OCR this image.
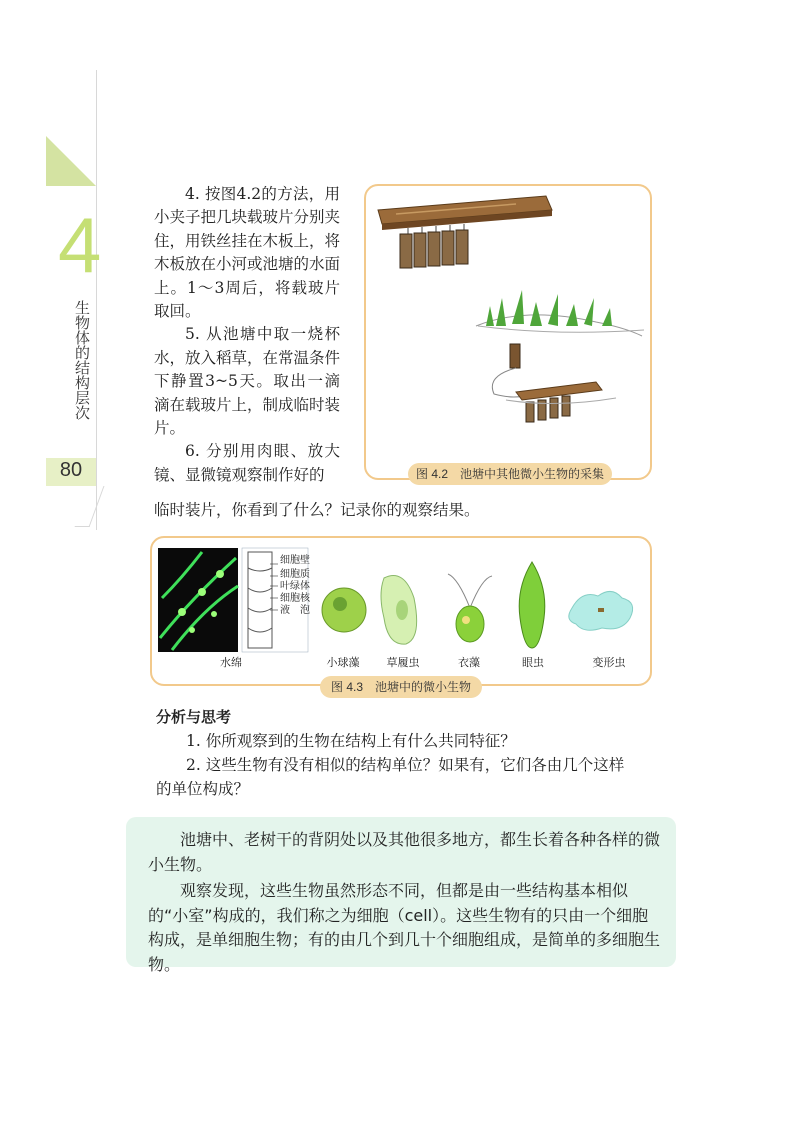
4
生物体的结构层次
80

4. 按图4.2的方法，用小夹子把几块载玻片分别夹住，用铁丝挂在木板上，将木板放在小河或池塘的水面上。1～3周后，将载玻片取回。

5. 从池塘中取一烧杯水，放入稻草，在常温条件下静置3~5天。取出一滴滴在载玻片上，制成临时装片。

6. 分别用肉眼、放大镜、显微镜观察制作好的

临时装片，你看到了什么？记录你的观察结果。
图 4.2　池塘中其他微小生物的采集
细胞壁
细胞质
叶绿体
细胞核
液　泡
水绵	小球藻	草履虫	衣藻	眼虫	变形虫
图 4.3　池塘中的微小生物
分析与思考
1. 你所观察到的生物在结构上有什么共同特征？
2. 这些生物有没有相似的结构单位？如果有，它们各由几个这样
的单位构成？

池塘中、老树干的背阴处以及其他很多地方，都生长着各种各样的微小生物。

观察发现，这些生物虽然形态不同，但都是由一些结构基本相似的“小室”构成的，我们称之为细胞（cell）。这些生物有的只由一个细胞构成，是单细胞生物；有的由几个到几十个细胞组成，是简单的多细胞生物。
